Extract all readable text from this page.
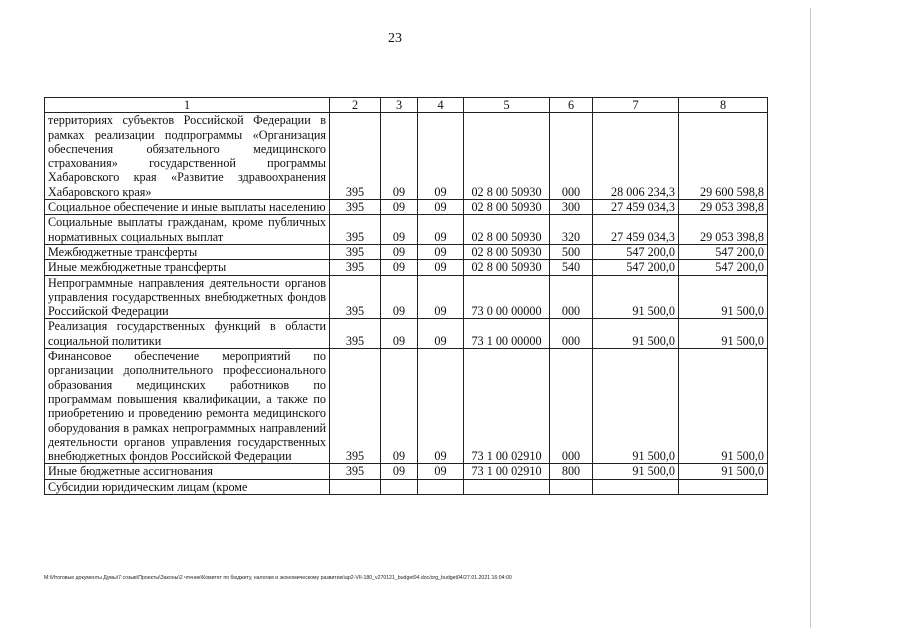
23
1	2	3	4	5	6	7	8
территориях субъектов Российской Федерации в рамках реализации подпрограммы «Организация обеспечения обязательного медицинского страхования» государственной программы Хабаровского края «Развитие здравоохранения Хабаровского края»	395	09	09	02 8 00 50930	000	28 006 234,3	29 600 598,8
Социальное обеспечение и иные выплаты населению	395	09	09	02 8 00 50930	300	27 459 034,3	29 053 398,8
Социальные выплаты гражданам, кроме публичных нормативных социальных выплат	395	09	09	02 8 00 50930	320	27 459 034,3	29 053 398,8
Межбюджетные трансферты	395	09	09	02 8 00 50930	500	547 200,0	547 200,0
Иные межбюджетные трансферты	395	09	09	02 8 00 50930	540	547 200,0	547 200,0
Непрограммные направления деятельности органов управления государственных внебюджетных фондов Российской Федерации	395	09	09	73 0 00 00000	000	91 500,0	91 500,0
Реализация государственных функций в области социальной политики	395	09	09	73 1 00 00000	000	91 500,0	91 500,0
Финансовое обеспечение мероприятий по организации дополнительного профессионального образования медицинских работников по программам повышения квалификации, а также по приобретению и проведению ремонта медицинского оборудования в рамках непрограммных направлений деятельности органов управления государственных внебюджетных фондов Российской Федерации	395	09	09	73 1 00 02910	000	91 500,0	91 500,0
Иные бюджетные ассигнования	395	09	09	73 1 00 02910	800	91 500,0	91 500,0
Субсидии юридическим лицам (кроме							
M:\Итоговые документы Думы\7 созыв\Проекты\Законы\2 чтение\Комитет по бюджету, налогам и экономическому развитию\ap2-VII-180_v270121_budget04.doc/org_budget04/27.01.2021 16:04:00
